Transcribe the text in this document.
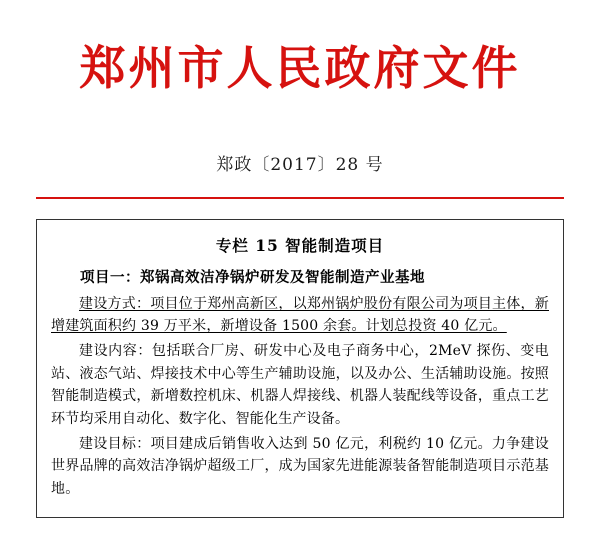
郑州市人民政府文件
郑政〔2017〕28 号
专栏 15 智能制造项目
项目一：郑锅高效洁净锅炉研发及智能制造产业基地

建设方式：项目位于郑州高新区，以郑州锅炉股份有限公司为项目主体，新增建筑面积约 39 万平米，新增设备 1500 余套。计划总投资 40 亿元。

建设内容：包括联合厂房、研发中心及电子商务中心，2MeV 探伤、变电站、液态气站、焊接技术中心等生产辅助设施，以及办公、生活辅助设施。按照智能制造模式，新增数控机床、机器人焊接线、机器人装配线等设备，重点工艺环节均采用自动化、数字化、智能化生产设备。

建设目标：项目建成后销售收入达到 50 亿元，利税约 10 亿元。力争建设世界品牌的高效洁净锅炉超级工厂，成为国家先进能源装备智能制造项目示范基地。
